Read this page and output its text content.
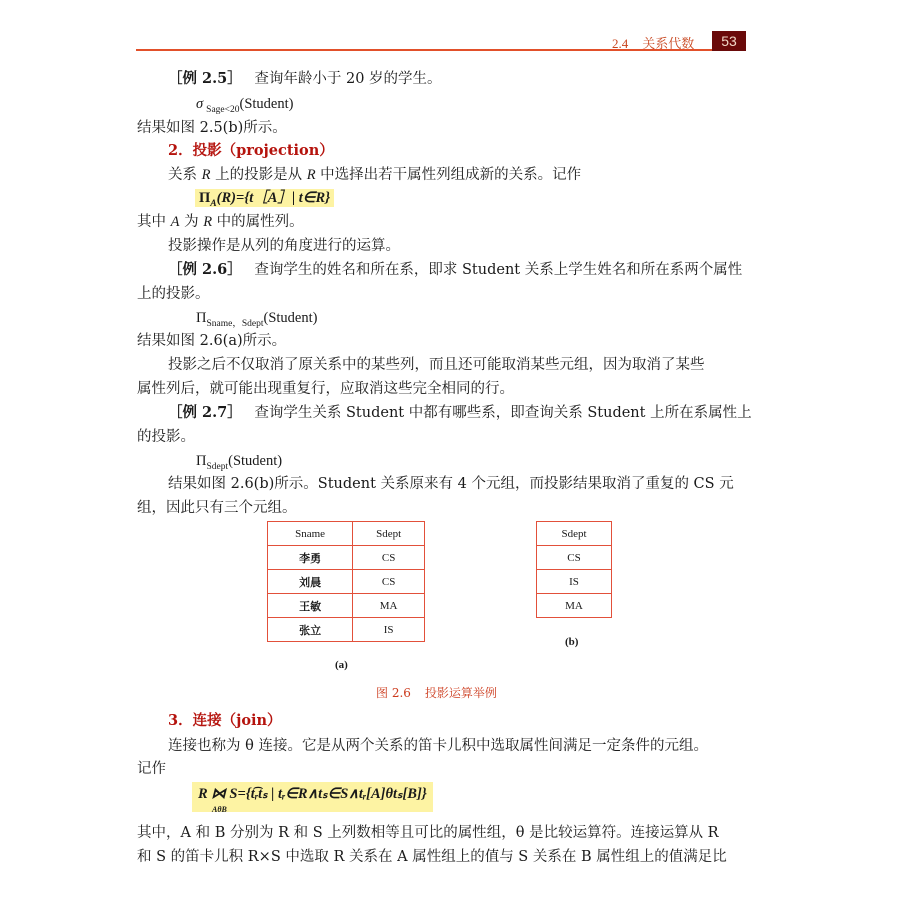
2.4 关系代数	53
［例 2.5］ 查询年龄小于 20 岁的学生。
σ $_{Sage<20}$(Student)
结果如图 2.5(b)所示。
2．投影（projection）
关系 R 上的投影是从 R 中选择出若干属性列组成新的关系。记作
$\Pi_A(R)=\{t[A]|$ t∈R}
其中 A 为 R 中的属性列。
投影操作是从列的角度进行的运算。
［例 2.6］ 查询学生的姓名和所在系，即求 Student 关系上学生姓名和所在系两个属性
上的投影。
$\Pi_{Sname,Sdept}(Student)$
结果如图 2.6(a)所示。
投影之后不仅取消了原关系中的某些列，而且还可能取消某些元组，因为取消了某些
属性列后，就可能出现重复行，应取消这些完全相同的行。
［例 2.7］ 查询学生关系 Student 中都有哪些系，即查询关系 Student 上所在系属性上
的投影。
$\Pi_{Sdept}(Student)$
结果如图 2.6(b)所示。Student 关系原来有 4 个元组，而投影结果取消了重复的 CS 元
组，因此只有三个元组。
Sname	Sdept
李勇	CS
刘晨	CS
王敏	MA
张立	IS
(a)
Sdept
CS
IS
MA
(b)
图 2.6 投影运算举例
3．连接（join）
连接也称为 θ 连接。它是从两个关系的笛卡儿积中选取属性间满足一定条件的元组。
记作
R ⋈ S={t͡ᵣtₛ | tᵣ∈R∧tₛ∈S∧tᵣ[A]θtₛ[B]}
AθB
其中，A 和 B 分别为 R 和 S 上列数相等且可比的属性组，θ 是比较运算符。连接运算从 R
和 S 的笛卡儿积 R×S 中选取 R 关系在 A 属性组上的值与 S 关系在 B 属性组上的值满足比
